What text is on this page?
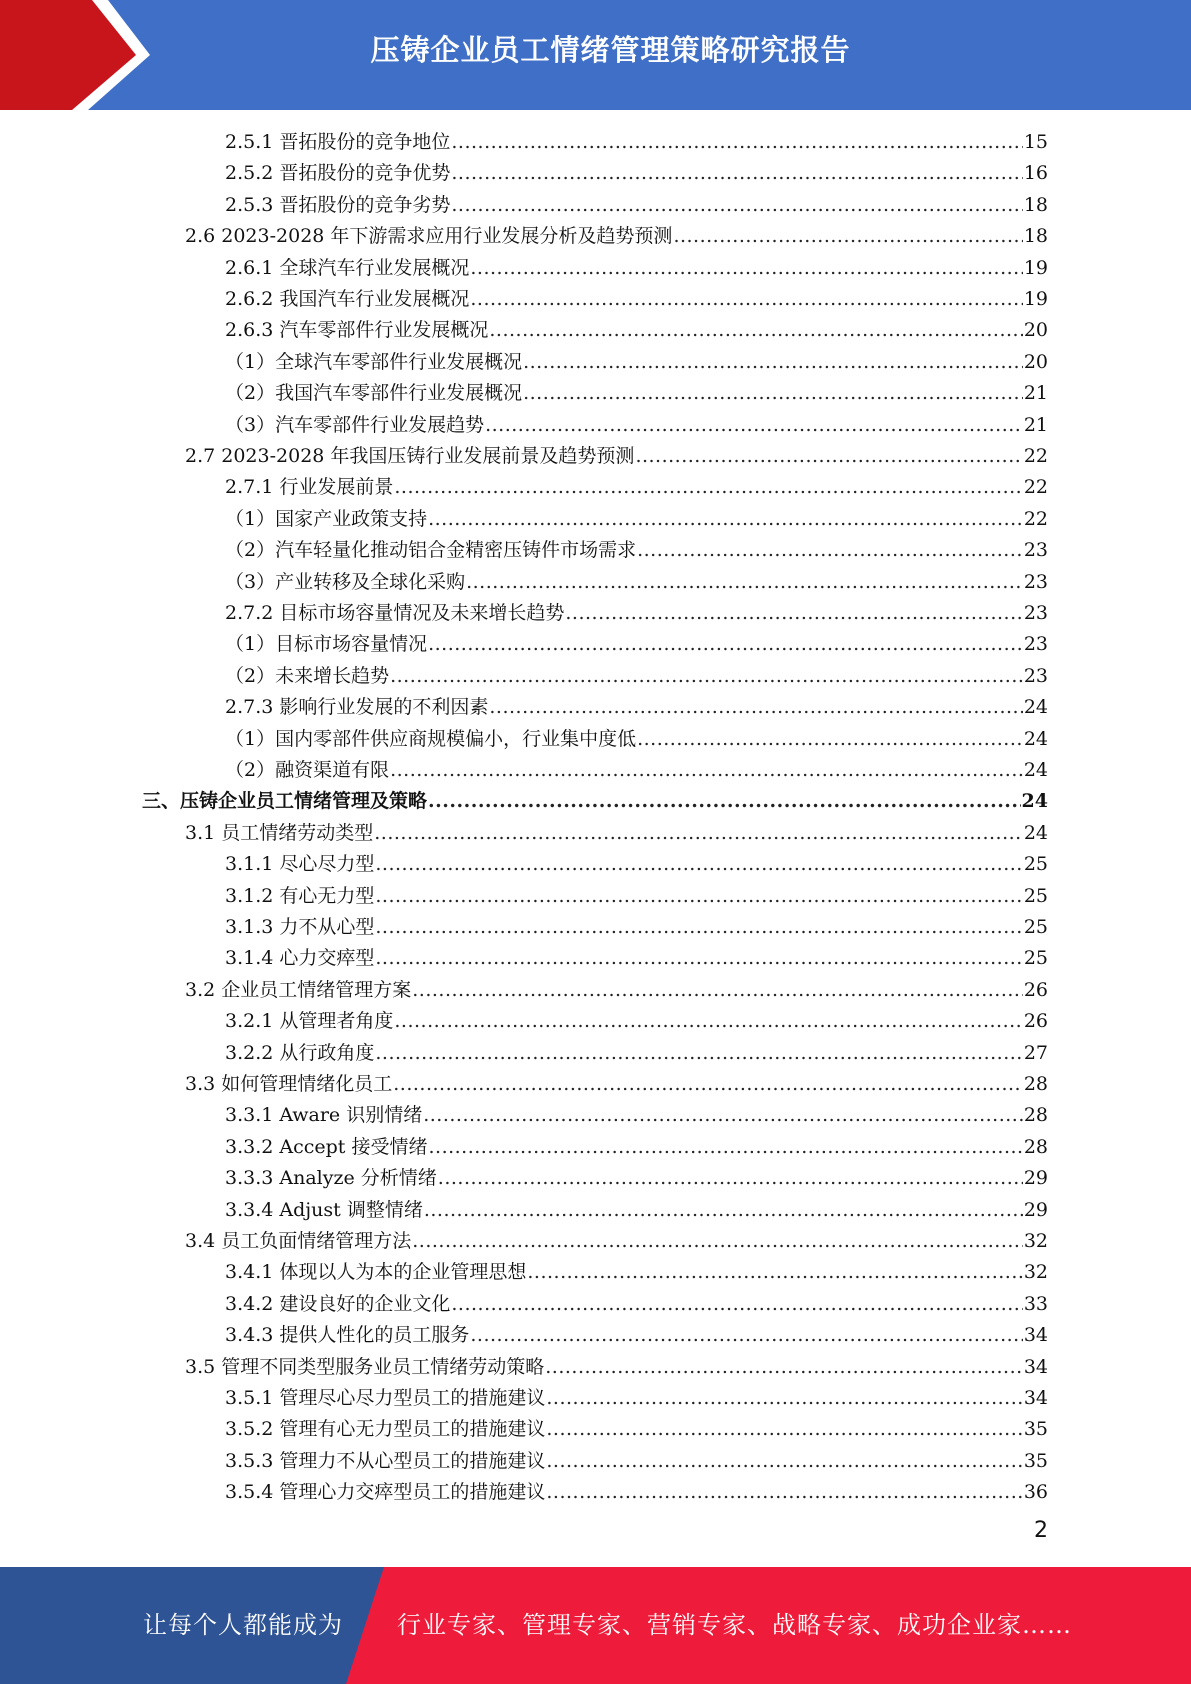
压铸企业员工情绪管理策略研究报告
2.5.1 晋拓股份的竞争地位 .....	15
2.5.2 晋拓股份的竞争优势 .....	16
2.5.3 晋拓股份的竞争劣势 .....	18
2.6 2023-2028 年下游需求应用行业发展分析及趋势预测 .....	18
2.6.1 全球汽车行业发展概况 .....	19
2.6.2 我国汽车行业发展概况 .....	19
2.6.3 汽车零部件行业发展概况 .....	20
（1）全球汽车零部件行业发展概况 .....	20
（2）我国汽车零部件行业发展概况 .....	21
（3）汽车零部件行业发展趋势 .....	21
2.7 2023-2028 年我国压铸行业发展前景及趋势预测 .....	22
2.7.1 行业发展前景 .....	22
（1）国家产业政策支持 .....	22
（2）汽车轻量化推动铝合金精密压铸件市场需求 .....	23
（3）产业转移及全球化采购 .....	23
2.7.2 目标市场容量情况及未来增长趋势 .....	23
（1）目标市场容量情况 .....	23
（2）未来增长趋势 .....	23
2.7.3 影响行业发展的不利因素 .....	24
（1）国内零部件供应商规模偏小，行业集中度低 .....	24
（2）融资渠道有限 .....	24
三、压铸企业员工情绪管理及策略 .....	24
3.1 员工情绪劳动类型 .....	24
3.1.1 尽心尽力型 .....	25
3.1.2 有心无力型 .....	25
3.1.3 力不从心型 .....	25
3.1.4 心力交瘁型 .....	25
3.2 企业员工情绪管理方案 .....	26
3.2.1 从管理者角度 .....	26
3.2.2 从行政角度 .....	27
3.3 如何管理情绪化员工 .....	28
3.3.1 Aware 识别情绪 .....	28
3.3.2 Accept 接受情绪 .....	28
3.3.3 Analyze 分析情绪 .....	29
3.3.4 Adjust 调整情绪 .....	29
3.4 员工负面情绪管理方法 .....	32
3.4.1 体现以人为本的企业管理思想 .....	32
3.4.2 建设良好的企业文化 .....	33
3.4.3 提供人性化的员工服务 .....	34
3.5 管理不同类型服务业员工情绪劳动策略 .....	34
3.5.1 管理尽心尽力型员工的措施建议 .....	34
3.5.2 管理有心无力型员工的措施建议 .....	35
3.5.3 管理力不从心型员工的措施建议 .....	35
3.5.4 管理心力交瘁型员工的措施建议 .....	36
2
让每个人都能成为 行业专家、管理专家、营销专家、战略专家、成功企业家……
